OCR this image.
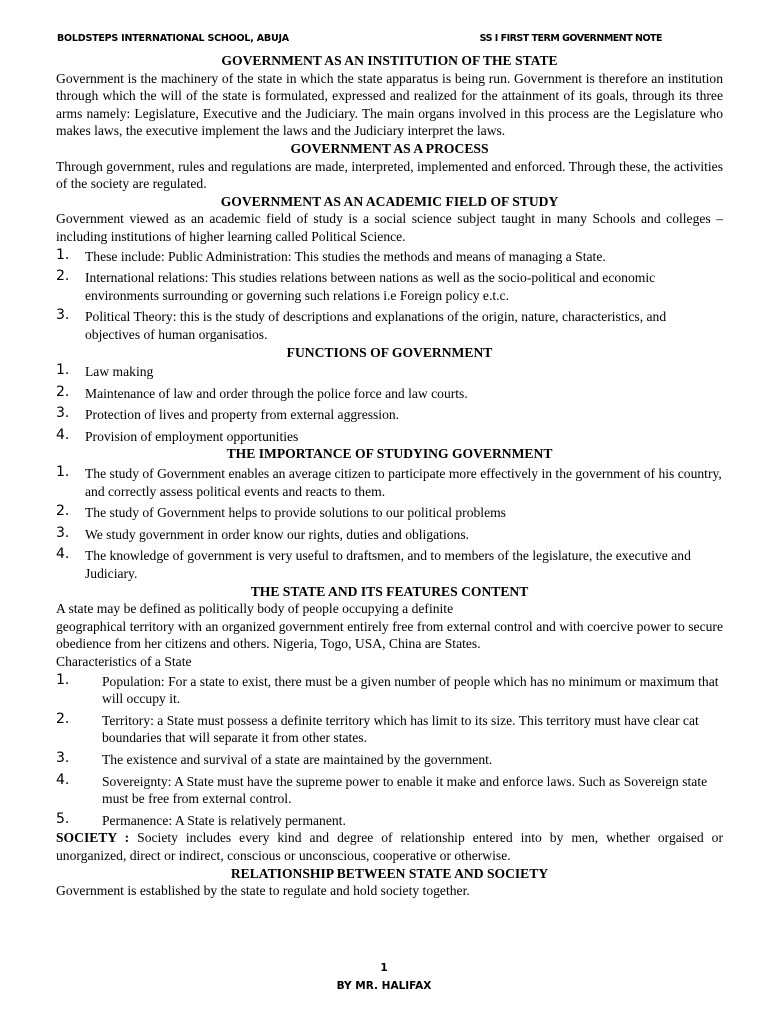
BOLDSTEPS INTERNATIONAL SCHOOL, ABUJA	SS I FIRST TERM GOVERNMENT NOTE

GOVERNMENT AS AN INSTITUTION OF THE STATE

Government is the machinery of the state in which the state apparatus is being run. Government is therefore an institution through which the will of the state is formulated, expressed and realized for the attainment of its goals, through its three arms namely: Legislature, Executive and the Judiciary. The main organs involved in this process are the Legislature who makes laws, the executive implement the laws and the Judiciary interpret the laws.

GOVERNMENT AS A PROCESS

Through government, rules and regulations are made, interpreted, implemented and enforced. Through these, the activities of the society are regulated.

GOVERNMENT AS AN ACADEMIC FIELD OF STUDY

Government viewed as an academic field of study is a social science subject taught in many Schools and colleges – including institutions of higher learning called Political Science.

1. These include: Public Administration: This studies the methods and means of managing a State.
2. International relations: This studies relations between nations as well as the socio-political and economic environments surrounding or governing such relations i.e Foreign policy e.t.c.
3. Political Theory: this is the study of descriptions and explanations of the origin, nature, characteristics, and objectives of human organisatios.

FUNCTIONS OF GOVERNMENT

1. Law making
2. Maintenance of law and order through the police force and law courts.
3. Protection of lives and property from external aggression.
4. Provision of employment opportunities

THE IMPORTANCE OF STUDYING GOVERNMENT

1. The study of Government enables an average citizen to participate more effectively in the government of his country, and correctly assess political events and reacts to them.
2. The study of Government helps to provide solutions to our political problems
3. We study government in order know our rights, duties and obligations.
4. The knowledge of government is very useful to draftsmen, and to members of the legislature, the executive and Judiciary.

THE STATE AND ITS FEATURES CONTENT

A state may be defined as politically body of people occupying a definite

geographical territory with an organized government entirely free from external control and with coercive power to secure obedience from her citizens and others. Nigeria, Togo, USA, China are States.

Characteristics of a State

1. Population: For a state to exist, there must be a given number of people which has no minimum or maximum that will occupy it.
2. Territory: a State must possess a definite territory which has limit to its size. This territory must have clear cat boundaries that will separate it from other states.
3. The existence and survival of a state are maintained by the government.
4. Sovereignty: A State must have the supreme power to enable it make and enforce laws. Such as Sovereign state must be free from external control.
5. Permanence: A State is relatively permanent.

SOCIETY : Society includes every kind and degree of relationship entered into by men, whether orgaised or unorganized, direct or indirect, conscious or unconscious, cooperative or otherwise.

RELATIONSHIP BETWEEN STATE AND SOCIETY

Government is established by the state to regulate and hold society together.

1
BY MR. HALIFAX
